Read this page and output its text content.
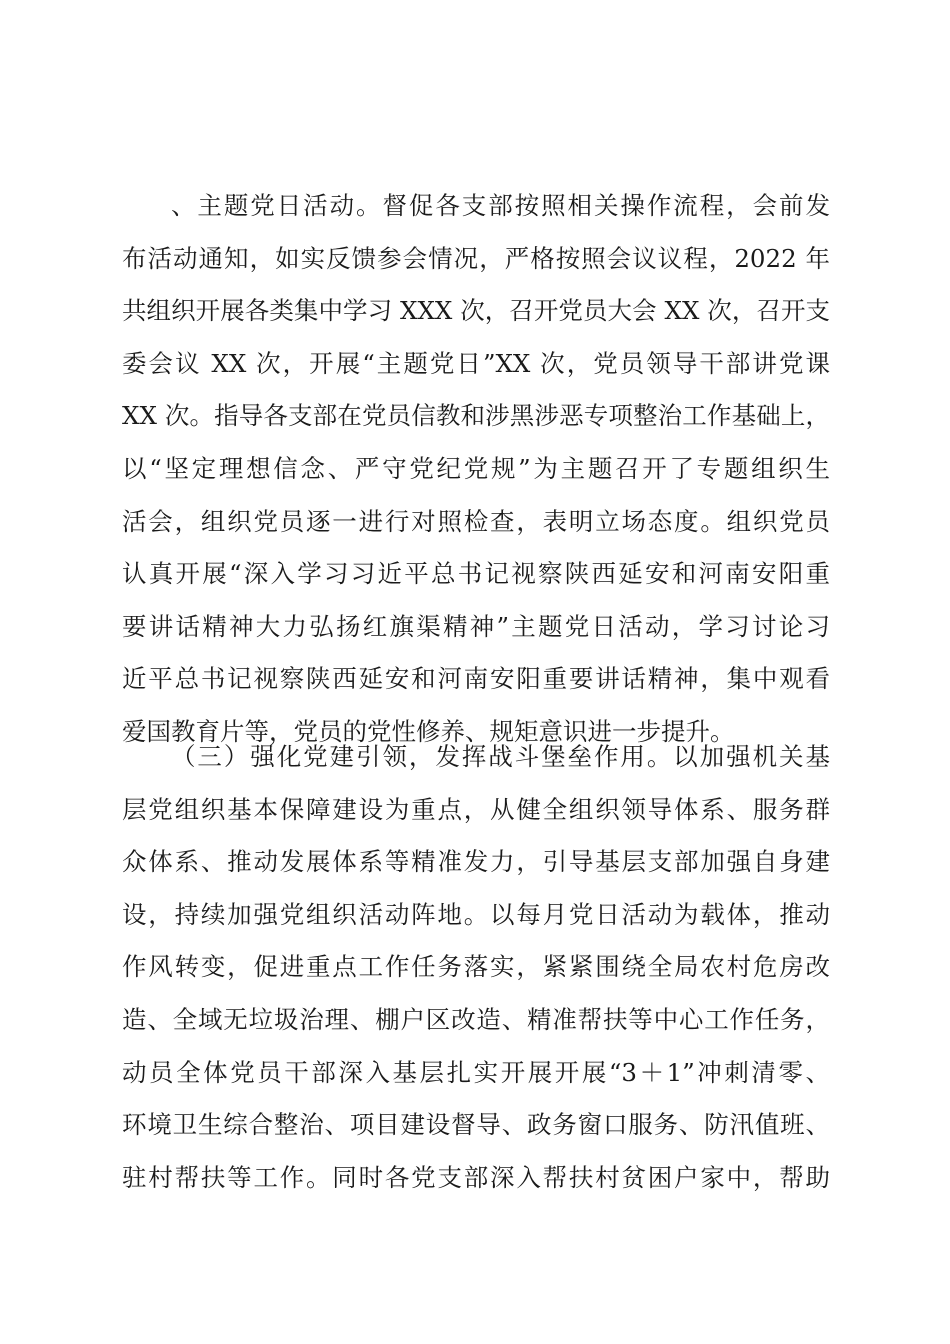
、主题党日活动。督促各支部按照相关操作流程，会前发
布活动通知，如实反馈参会情况，严格按照会议议程，2022 年
共组织开展各类集中学习 XXX 次，召开党员大会 XX 次，召开支
委会议 XX 次，开展“主题党日”XX 次，党员领导干部讲党课
XX 次。指导各支部在党员信教和涉黑涉恶专项整治工作基础上，
以“坚定理想信念、严守党纪党规”为主题召开了专题组织生
活会，组织党员逐一进行对照检查，表明立场态度。组织党员
认真开展“深入学习习近平总书记视察陕西延安和河南安阳重
要讲话精神大力弘扬红旗渠精神”主题党日活动，学习讨论习
近平总书记视察陕西延安和河南安阳重要讲话精神，集中观看
爱国教育片等，党员的党性修养、规矩意识进一步提升。
（三）强化党建引领，发挥战斗堡垒作用。以加强机关基
层党组织基本保障建设为重点，从健全组织领导体系、服务群
众体系、推动发展体系等精准发力，引导基层支部加强自身建
设，持续加强党组织活动阵地。以每月党日活动为载体，推动
作风转变，促进重点工作任务落实，紧紧围绕全局农村危房改
造、全域无垃圾治理、棚户区改造、精准帮扶等中心工作任务，
动员全体党员干部深入基层扎实开展开展“3＋1”冲刺清零、
环境卫生综合整治、项目建设督导、政务窗口服务、防汛值班、
驻村帮扶等工作。同时各党支部深入帮扶村贫困户家中，帮助
